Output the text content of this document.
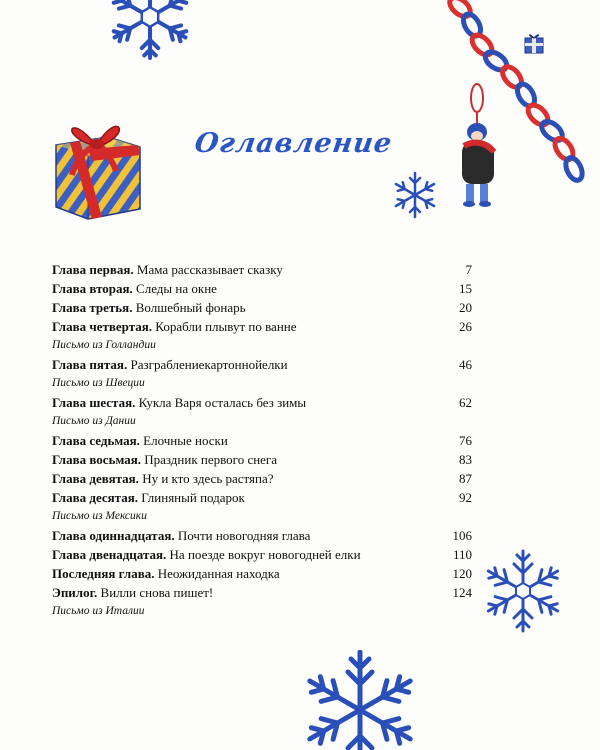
Оглавление
Глава первая. Мама рассказывает сказку	7
Глава вторая. Следы на окне	15
Глава третья. Волшебный фонарь	20
Глава четвертая. Корабли плывут по ванне	26
Письмо из Голландии
Глава пятая. Разграблениекартоннойелки	46
Письмо из Швеции
Глава шестая. Кукла Варя осталась без зимы	62
Письмо из Дании
Глава седьмая. Елочные носки	76
Глава восьмая. Праздник первого снега	83
Глава девятая. Ну и кто здесь растяпа?	87
Глава десятая. Глиняный подарок	92
Письмо из Мексики
Глава одиннадцатая. Почти новогодняя глава	106
Глава двенадцатая. На поезде вокруг новогодней елки	110
Последняя глава. Неожиданная находка	120
Эпилог. Вилли снова пишет!	124
Письмо из Италии
